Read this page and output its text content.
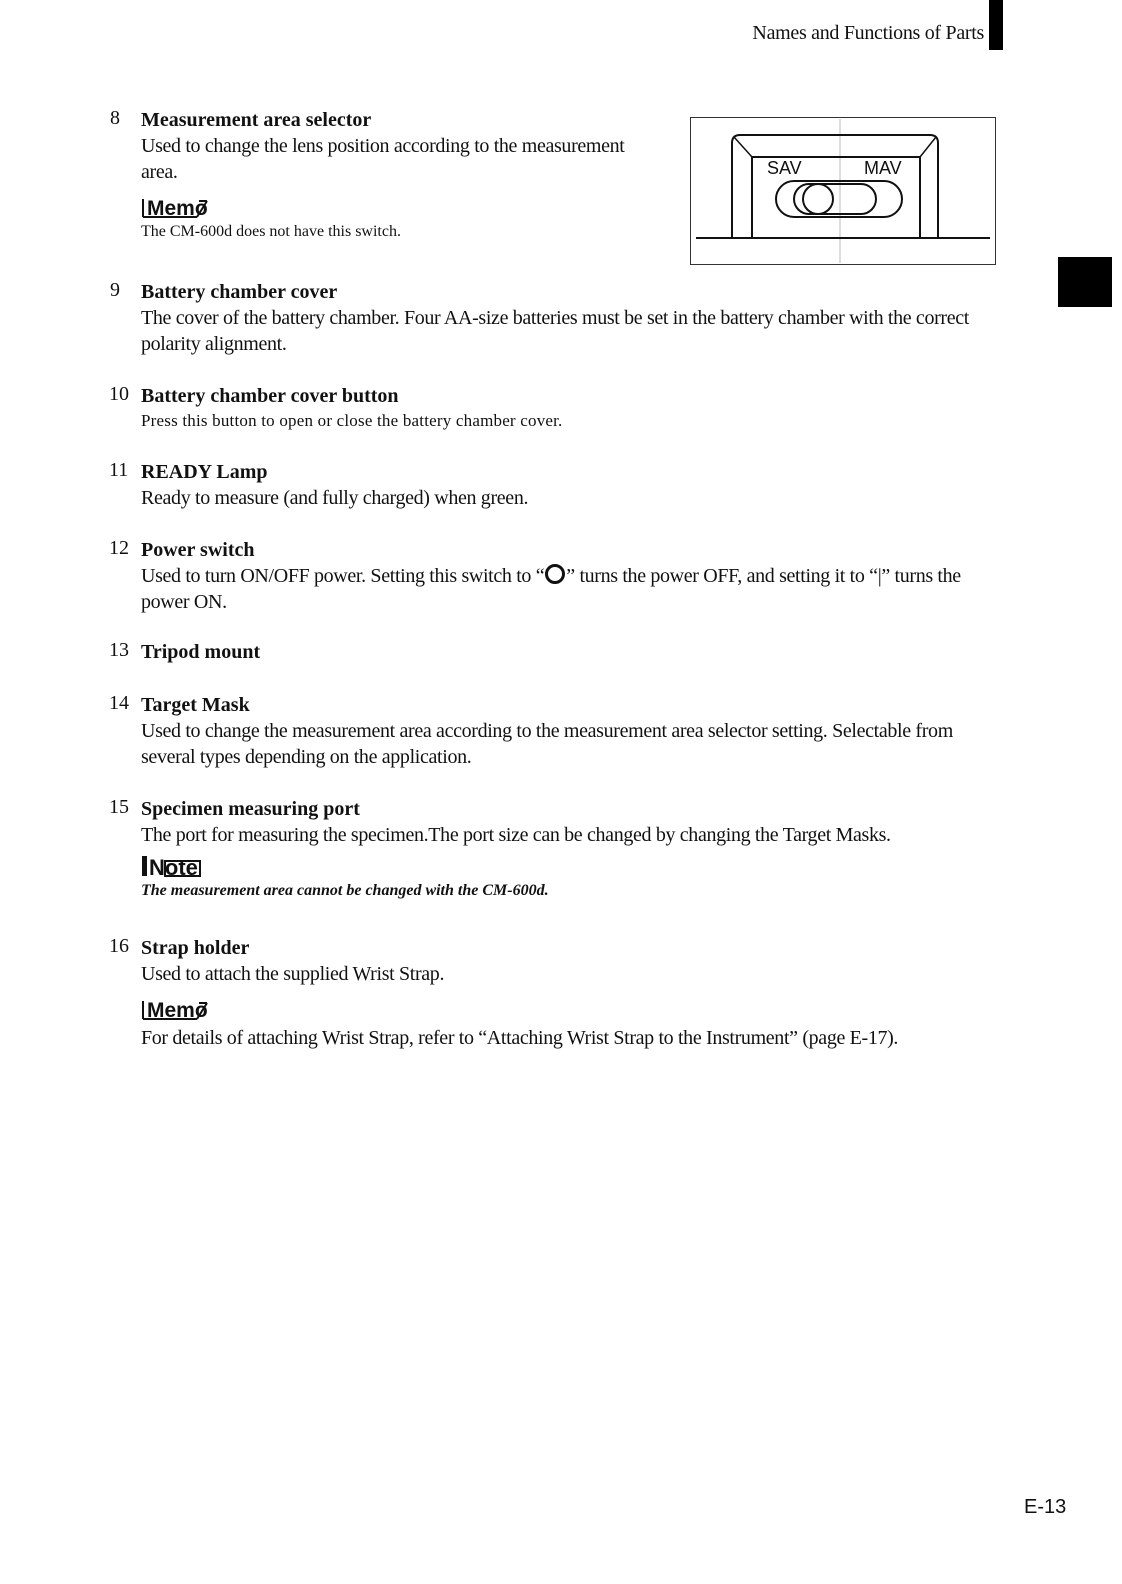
Names and Functions of Parts
8 Measurement area selector
Used to change the lens position according to the measurement area.
Memo
The CM-600d does not have this switch.
SAV	MAV
9 Battery chamber cover
The cover of the battery chamber. Four AA-size batteries must be set in the battery chamber with the correct polarity alignment.
10 Battery chamber cover button
Press this button to open or close the battery chamber cover.
11 READY Lamp
Ready to measure (and fully charged) when green.
12 Power switch
Used to turn ON/OFF power. Setting this switch to “ ” turns the power OFF, and setting it to “|” turns the power ON.
13 Tripod mount
14 Target Mask
Used to change the measurement area according to the measurement area selector setting. Selectable from several types depending on the application.
15 Specimen measuring port
The port for measuring the specimen.The port size can be changed by changing the Target Masks.
Note
The measurement area cannot be changed with the CM-600d.
16 Strap holder
Used to attach the supplied Wrist Strap.
Memo
For details of attaching Wrist Strap, refer to “Attaching Wrist Strap to the Instrument” (page E-17).
E-13
